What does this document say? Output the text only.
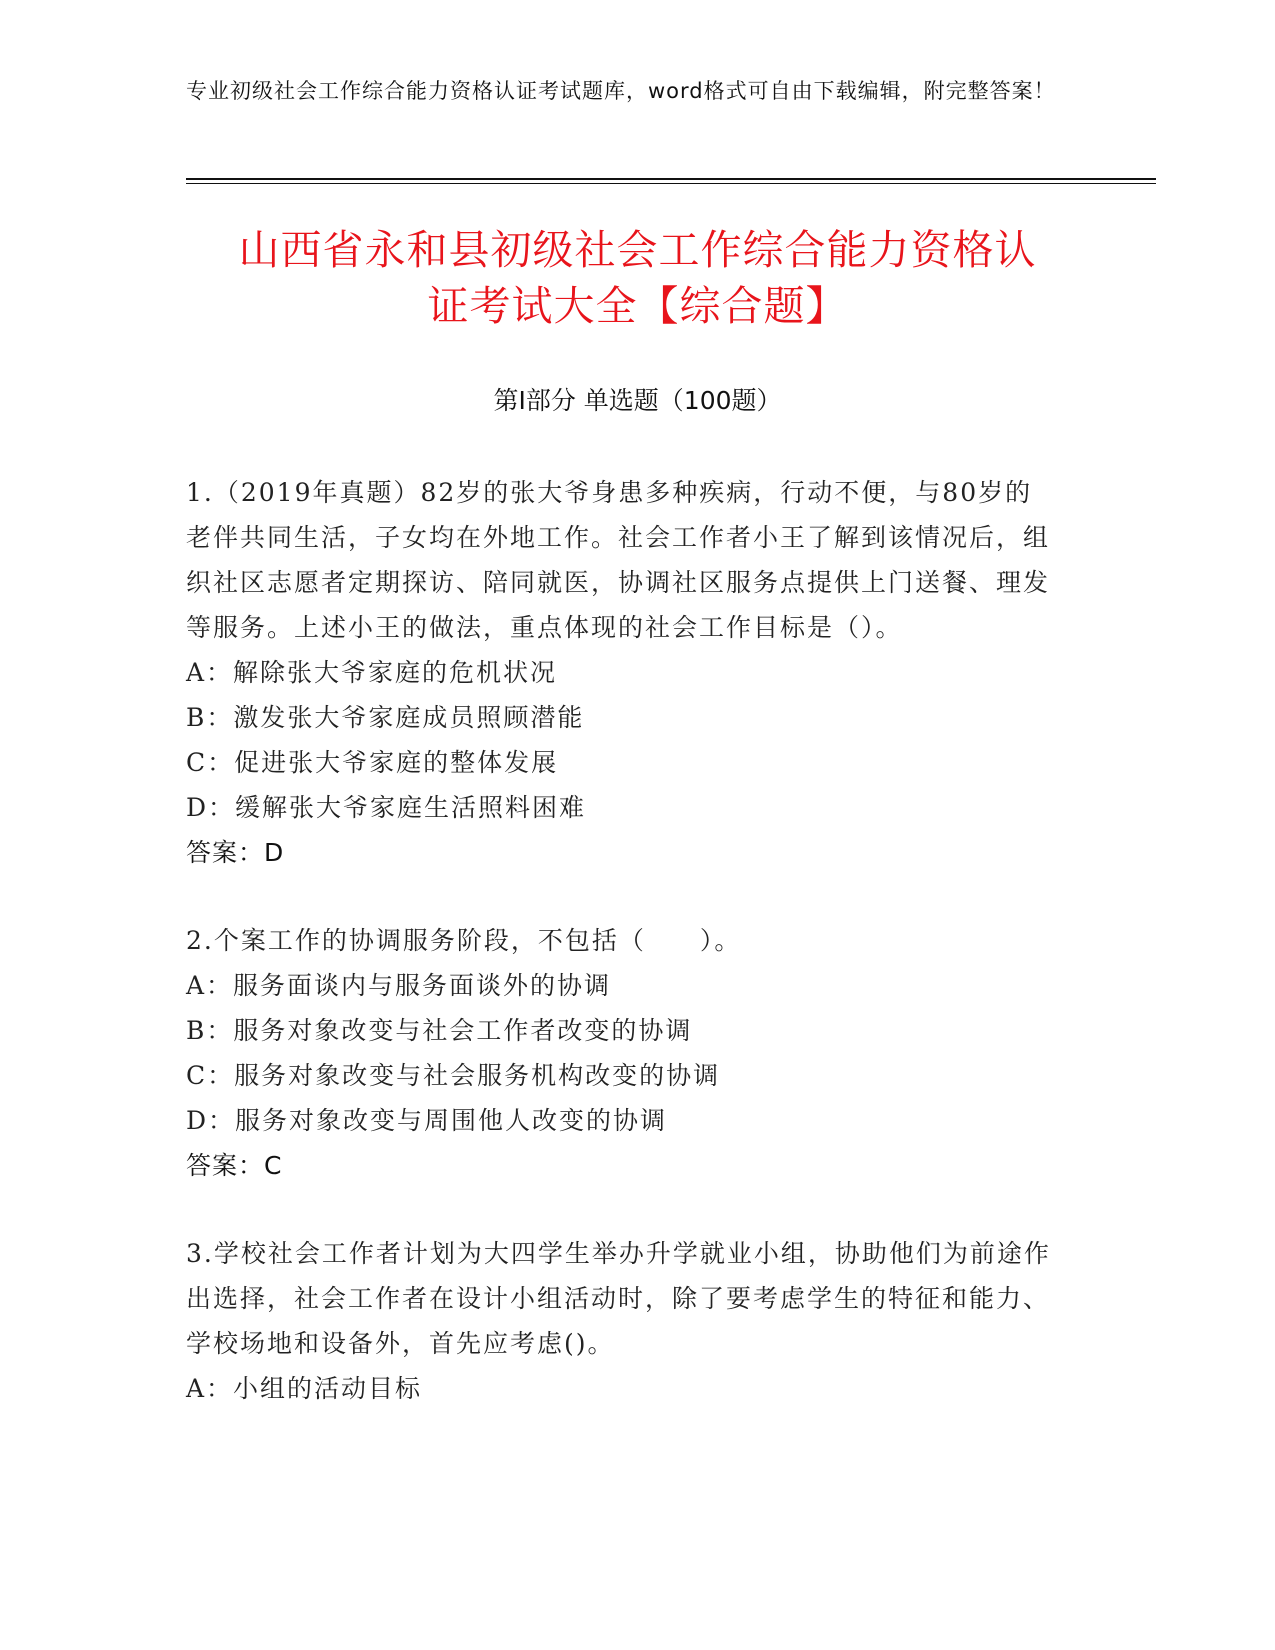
专业初级社会工作综合能力资格认证考试题库，word格式可自由下载编辑，附完整答案！
山西省永和县初级社会工作综合能力资格认
证考试大全【综合题】
第I部分 单选题（100题）

1.（2019年真题）82岁的张大爷身患多种疾病，行动不便，与80岁的老伴共同生活，子女均在外地工作。社会工作者小王了解到该情况后，组织社区志愿者定期探访、陪同就医，协调社区服务点提供上门送餐、理发等服务。上述小王的做法，重点体现的社会工作目标是（）。

A：解除张大爷家庭的危机状况

B：激发张大爷家庭成员照顾潜能

C：促进张大爷家庭的整体发展

D：缓解张大爷家庭生活照料困难

答案：D

2.个案工作的协调服务阶段，不包括（　　）。

A：服务面谈内与服务面谈外的协调

B：服务对象改变与社会工作者改变的协调

C：服务对象改变与社会服务机构改变的协调

D：服务对象改变与周围他人改变的协调

答案：C

3.学校社会工作者计划为大四学生举办升学就业小组，协助他们为前途作出选择，社会工作者在设计小组活动时，除了要考虑学生的特征和能力、学校场地和设备外，首先应考虑()。

A：小组的活动目标
